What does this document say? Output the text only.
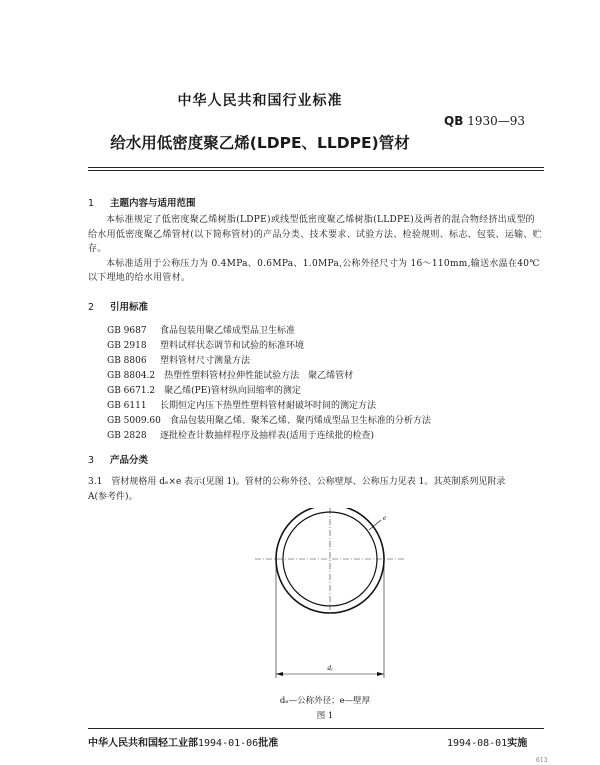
中华人民共和国行业标准
QB 1930—93
给水用低密度聚乙烯(LDPE、LLDPE)管材
1 主题内容与适用范围

本标准规定了低密度聚乙烯树脂(LDPE)或线型低密度聚乙烯树脂(LLDPE)及两者的混合物经挤出成型的给水用低密度聚乙烯管材(以下简称管材)的产品分类、技术要求、试验方法、检验规则、标志、包装、运输、贮存。

本标准适用于公称压力为 0.4MPa、0.6MPa、1.0MPa,公称外径尺寸为 16～110mm,输送水温在40℃以下埋地的给水用管材。

2 引用标准
GB 9687　 食品包装用聚乙烯成型品卫生标准
GB 2918　 塑料试样状态调节和试验的标准环境
GB 8806　 塑料管材尺寸测量方法
GB 8804.2　 热塑性塑料管材拉伸性能试验方法　聚乙烯管材
GB 6671.2　 聚乙烯(PE)管材纵向回缩率的测定
GB 6111　 长期恒定内压下热塑性塑料管材耐破坏时间的测定方法
GB 5009.60　 食品包装用聚乙烯、聚苯乙烯、聚丙烯成型品卫生标准的分析方法
GB 2828　 逐批检查计数抽样程序及抽样表(适用于连续批的检查)
3 产品分类
3.1　 管材规格用 dₑ×e 表示(见图 1)。管材的公称外径、公称壁厚、公称压力见表 1。其英制系列见附录
A(参考件)。
e
dₑ
dₑ—公称外径；e—壁厚
图 1
中华人民共和国轻工业部1994-01-06批准	1994-08-01实施
613
